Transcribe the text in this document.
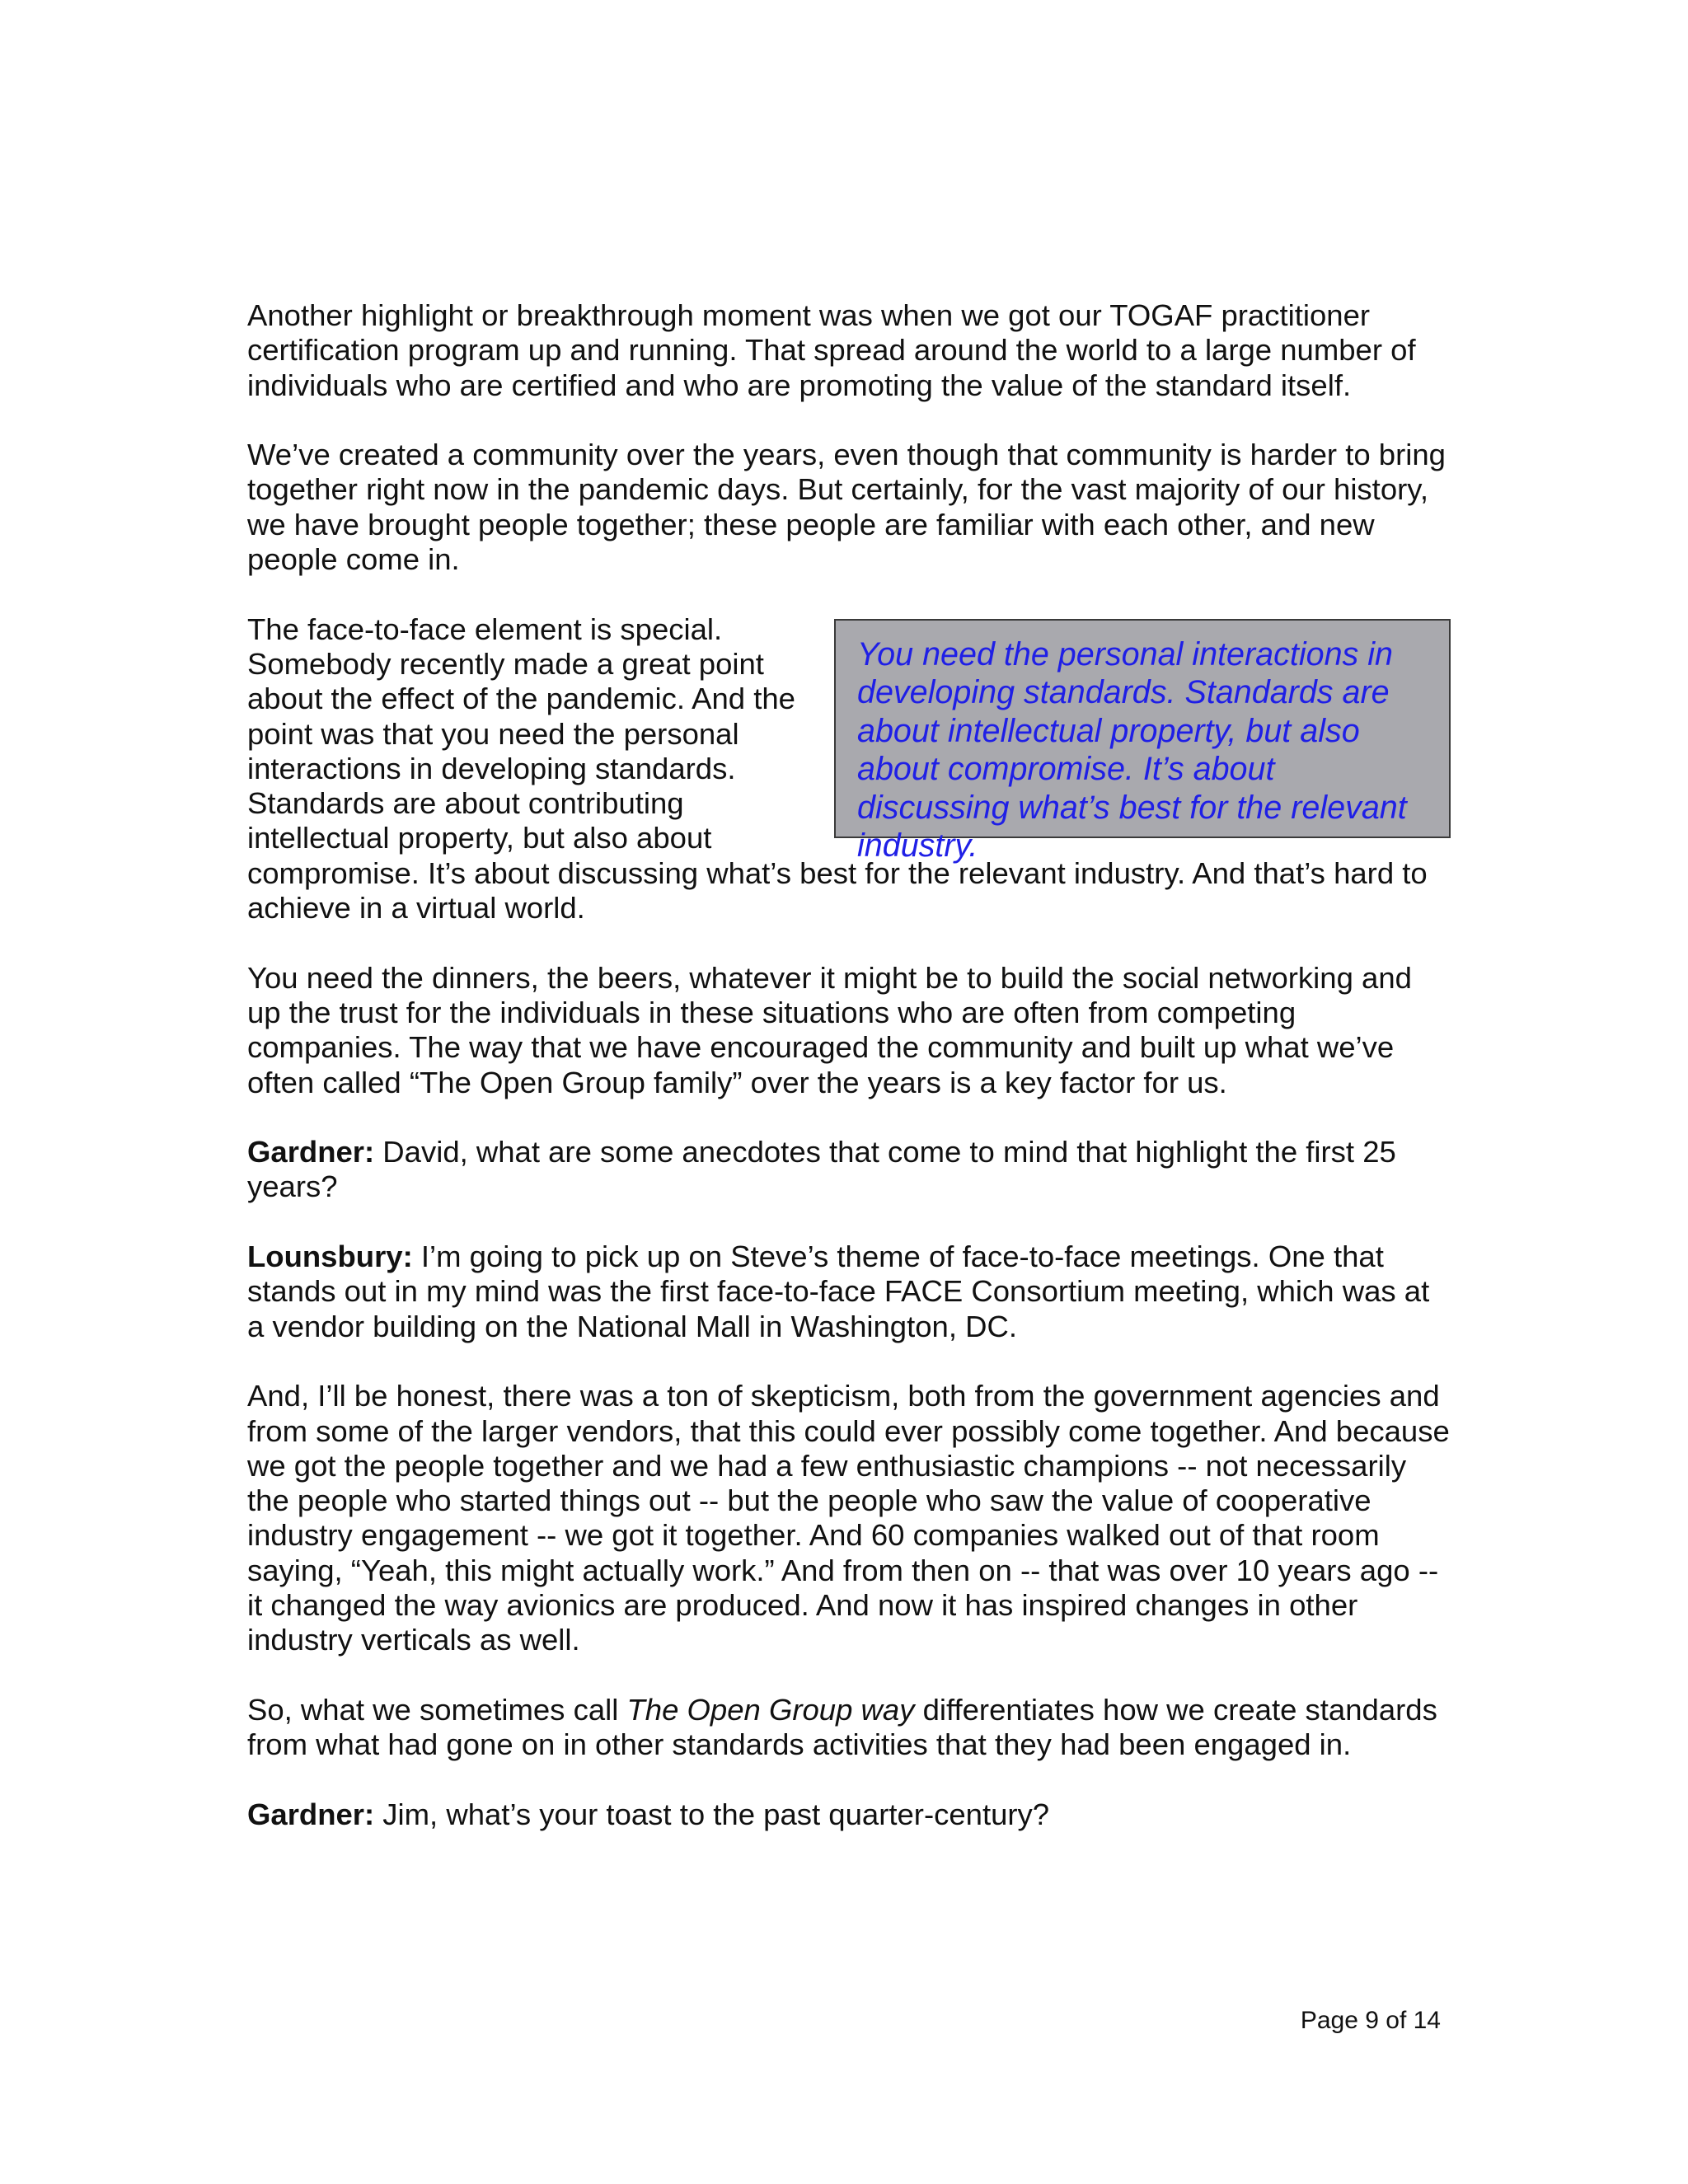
Another highlight or breakthrough moment was when we got our TOGAF practitioner certification program up and running. That spread around the world to a large number of individuals who are certified and who are promoting the value of the standard itself.

We’ve created a community over the years, even though that community is harder to bring together right now in the pandemic days. But certainly, for the vast majority of our history, we have brought people together; these people are familiar with each other, and new people come in.

You need the personal interactions in developing standards. Standards are about intellectual property, but also about compromise. It’s about discussing what’s best for the relevant industry.

The face-to-face element is special. Somebody recently made a great point about the effect of the pandemic. And the point was that you need the personal interactions in developing standards. Standards are about contributing intellectual property, but also about compromise. It’s about discussing what’s best for the relevant industry. And that’s hard to achieve in a virtual world.

You need the dinners, the beers, whatever it might be to build the social networking and up the trust for the individuals in these situations who are often from competing companies. The way that we have encouraged the community and built up what we’ve often called “The Open Group family” over the years is a key factor for us.

Gardner: David, what are some anecdotes that come to mind that highlight the first 25 years?

Lounsbury: I’m going to pick up on Steve’s theme of face-to-face meetings. One that stands out in my mind was the first face-to-face FACE Consortium meeting, which was at a vendor building on the National Mall in Washington, DC.

And, I’ll be honest, there was a ton of skepticism, both from the government agencies and from some of the larger vendors, that this could ever possibly come together. And because we got the people together and we had a few enthusiastic champions -- not necessarily the people who started things out -- but the people who saw the value of cooperative industry engagement -- we got it together. And 60 companies walked out of that room saying, “Yeah, this might actually work.” And from then on -- that was over 10 years ago -- it changed the way avionics are produced. And now it has inspired changes in other industry verticals as well.

So, what we sometimes call The Open Group way differentiates how we create standards from what had gone on in other standards activities that they had been engaged in.

Gardner: Jim, what’s your toast to the past quarter-century?

Page 9 of 14
